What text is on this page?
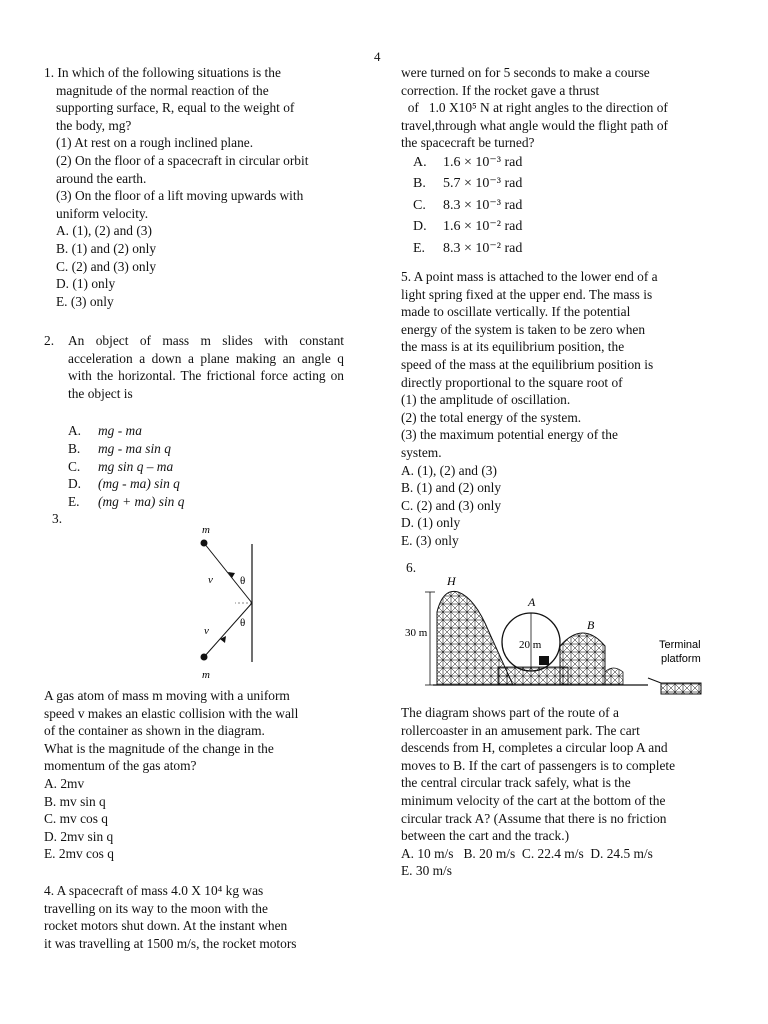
4

1. In which of the following situations is the

magnitude of the normal reaction of the

supporting surface, R, equal to the weight of

the body, mg?

(1) At rest on a rough inclined plane.

(2) On the floor of a spacecraft in circular orbit

around the earth.

(3) On the floor of a lift moving upwards with

uniform velocity.

A. (1), (2) and (3)

B. (1) and (2) only

C. (2) and (3) only

D. (1) only

E. (3) only

2.	An object of mass m slides with constant acceleration a down a plane making an angle q with the horizontal. The frictional force acting on the object is
A.	mg - ma
B.	mg - ma sin q
C.	mg sin q – ma
D.	(mg - ma) sin q
E.	(mg + ma) sin q
3.
m
m
v
v
θ
θ

A gas atom of mass m moving with a uniform

speed v makes an elastic collision with the wall

of the container as shown in the diagram.

What is the magnitude of the change in the

momentum of the gas atom?

A. 2mv

B. mv sin q

C. mv cos q

D. 2mv sin q

E. 2mv cos q

4. A spacecraft of mass 4.0 X 10⁴ kg was

travelling on its way to the moon with the

rocket motors shut down. At the instant when

it was travelling at 1500 m/s, the rocket motors

were turned on for 5 seconds to make a course

correction. If the rocket gave a thrust

of   1.0 X10⁵ N at right angles to the direction of

travel,through what angle would the flight path of

the spacecraft be turned?

A. 1.6 × 10⁻³ rad
B. 5.7 × 10⁻³ rad
C. 8.3 × 10⁻³ rad
D. 1.6 × 10⁻² rad
E. 8.3 × 10⁻² rad

5. A point mass is attached to the lower end of a

light spring fixed at the upper end. The mass is

made to oscillate vertically. If the potential

energy of the system is taken to be zero when

the mass is at its equilibrium position, the

speed of the mass at the equilibrium position is

directly proportional to the square root of

(1) the amplitude of oscillation.

(2) the total energy of the system.

(3) the maximum potential energy of the

system.

A. (1), (2) and (3)

B. (1) and (2) only

C. (2) and (3) only

D. (1) only

E. (3) only

6.
30 m
H
A
B
20 m	Terminal
platform

The diagram shows part of the route of a

rollercoaster in an amusement park. The cart

descends from H, completes a circular loop A and

moves to B. If the cart of passengers is to complete

the central circular track safely, what is the

minimum velocity of the cart at the bottom of the

circular track A? (Assume that there is no friction

between the cart and the track.)

A. 10 m/s   B. 20 m/s  C. 22.4 m/s  D. 24.5 m/s

E. 30 m/s
